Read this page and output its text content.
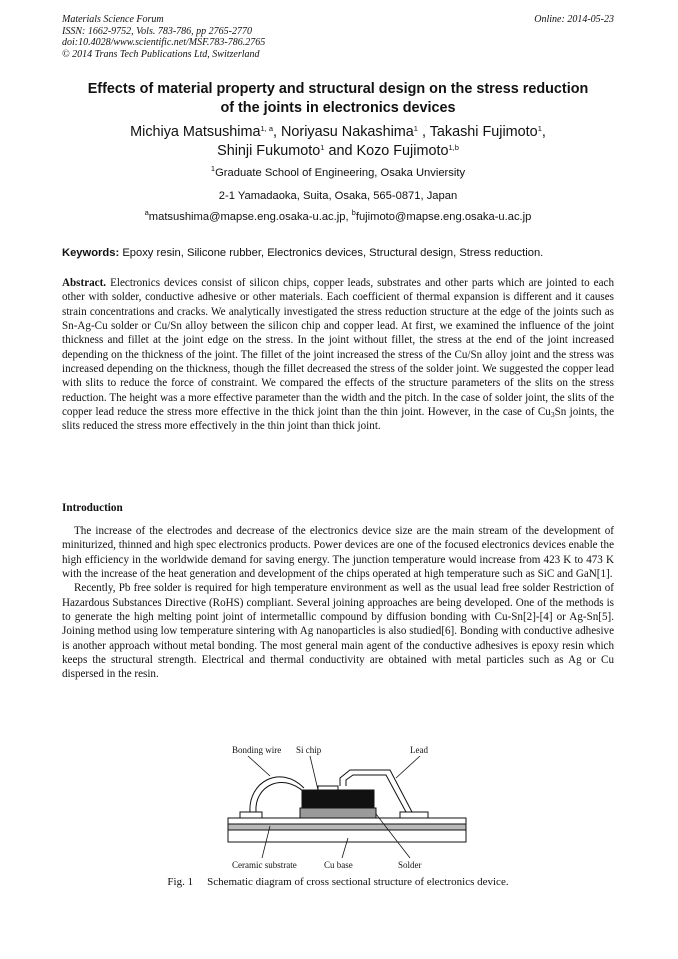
Materials Science Forum
ISSN: 1662-9752, Vols. 783-786, pp 2765-2770
doi:10.4028/www.scientific.net/MSF.783-786.2765
© 2014 Trans Tech Publications Ltd, Switzerland
Online: 2014-05-23
Effects of material property and structural design on the stress reduction
of the joints in electronics devices
Michiya Matsushima$^{1, a}$, Noriyasu Nakashima$^1$ , Takashi Fujimoto$^1$,
Shinji Fukumoto$^1$ and Kozo Fujimoto$^{1,b}$
$^1$Graduate School of Engineering, Osaka Unviersity
2-1 Yamadaoka, Suita, Osaka, 565-0871, Japan
$^a$matsushima@mapse.eng.osaka-u.ac.jp, $^b$fujimoto@mapse.eng.osaka-u.ac.jp
Keywords: Epoxy resin, Silicone rubber, Electronics devices, Structural design, Stress reduction.
Abstract. Electronics devices consist of silicon chips, copper leads, substrates and other parts which are jointed to each other with solder, conductive adhesive or other materials. Each coefficient of thermal expansion is different and it causes strain concentrations and cracks. We analytically investigated the stress reduction structure at the edge of the joints such as Sn-Ag-Cu solder or Cu/Sn alloy between the silicon chip and copper lead. At first, we examined the influence of the joint thickness and fillet at the joint edge on the stress. In the joint without fillet, the stress at the end of the joint increased depending on the thickness of the joint. The fillet of the joint increased the stress of the Cu/Sn alloy joint and the stress was increased depending on the thickness, though the fillet decreased the stress of the solder joint. We suggested the copper lead with slits to reduce the force of constraint. We compared the effects of the structure parameters of the slits on the stress reduction. The height was a more effective parameter than the width and the pitch. In the case of solder joint, the slits of the copper lead reduce the stress more effective in the thick joint than the thin joint. However, in the case of $Cu_3Sn$ joints, the slits reduced the stress more effectively in the thin joint than thick joint.
Introduction
The increase of the electrodes and decrease of the electronics device size are the main stream of the development of miniturized, thinned and high spec electronics products. Power devices are one of the focused electronics devices enable the high efficiency in the worldwide demand for saving energy. The junction temperature would increase from 423 K to 473 K with the increase of the heat generation and development of the chips operated at high temperature such as SiC and GaN[1].
Recently, Pb free solder is required for high temperature environment as well as the usual lead free solder Restriction of Hazardous Substances Directive (RoHS) compliant. Several joining approaches are being developed. One of the methods is to generate the high melting point joint of intermetallic compound by diffusion bonding with Cu-Sn[2]-[4] or Ag-Sn[5]. Joining method using low temperature sintering with Ag nanoparticles is also studied[6]. Bonding with conductive adhesive is another approach without metal bonding. The most general main agent of the conductive adhesives is epoxy resin which keeps the structural strength. Electrical and thermal conductivity are obtained with metal particles such as Ag or Cu dispersed in the resin.
Bonding wire Si chip	Lead
Ceramic substrate	Cu base	Solder
Fig. 1 Schematic diagram of cross sectional structure of electronics device.
